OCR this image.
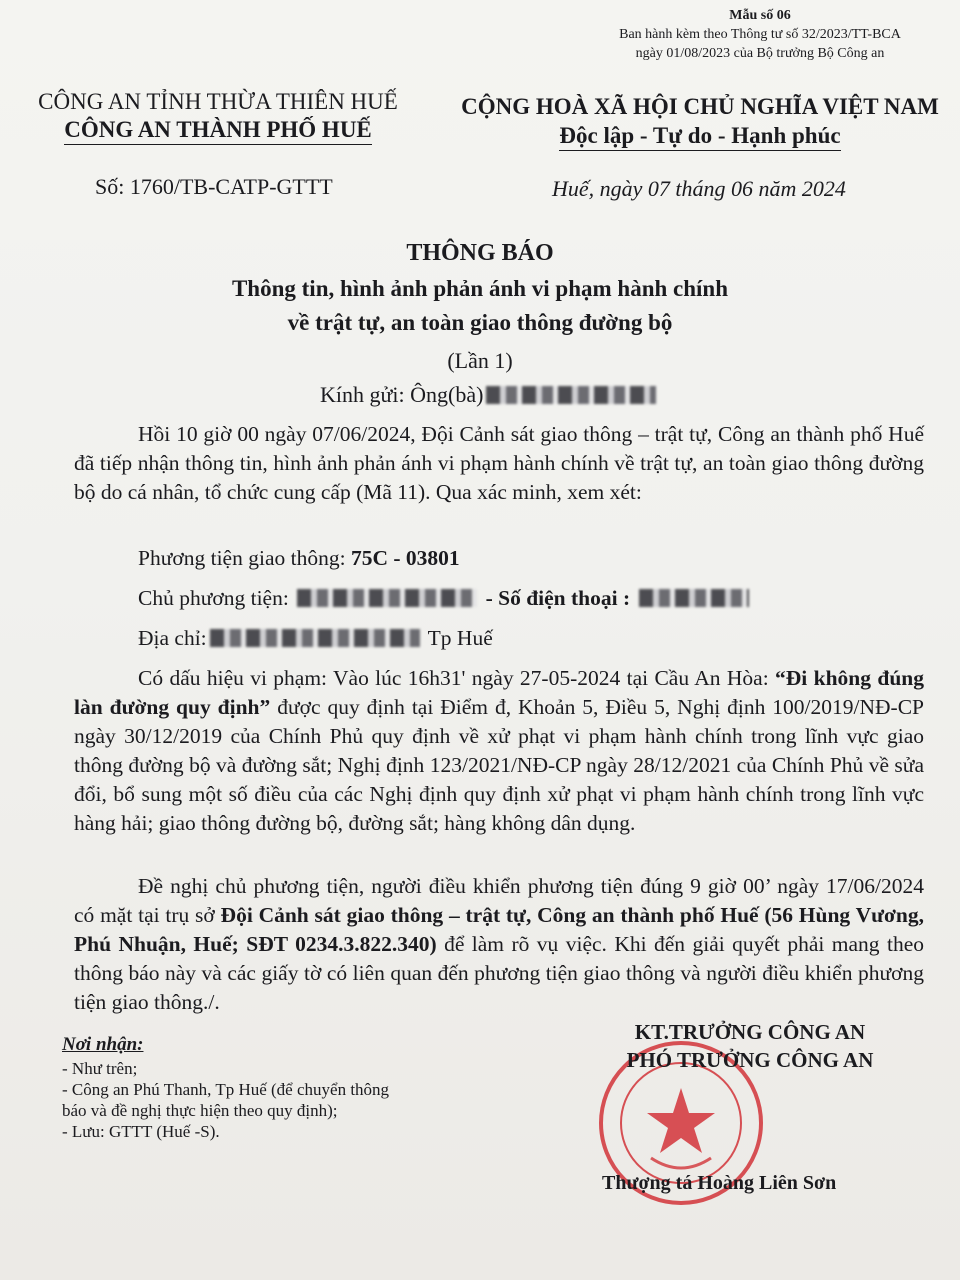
Mẫu số 06
Ban hành kèm theo Thông tư số 32/2023/TT-BCA
ngày 01/08/2023 của Bộ trưởng Bộ Công an
CÔNG AN TỈNH THỪA THIÊN HUẾ
CÔNG AN THÀNH PHỐ HUẾ
CỘNG HOÀ XÃ HỘI CHỦ NGHĨA VIỆT NAM
Độc lập - Tự do - Hạnh phúc
Số: 1760/TB-CATP-GTTT	Huế, ngày 07 tháng 06 năm 2024
THÔNG BÁO
Thông tin, hình ảnh phản ánh vi phạm hành chính
về trật tự, an toàn giao thông đường bộ
(Lần 1)
Kính gửi: Ông(bà)

Hồi 10 giờ 00 ngày 07/06/2024, Đội Cảnh sát giao thông – trật tự, Công an thành phố Huế đã tiếp nhận thông tin, hình ảnh phản ánh vi phạm hành chính về trật tự, an toàn giao thông đường bộ do cá nhân, tổ chức cung cấp (Mã 11). Qua xác minh, xem xét:

Phương tiện giao thông: 75C - 03801
Chủ phương tiện:	- Số điện thoại :
Địa chỉ:	Tp Huế

Có dấu hiệu vi phạm: Vào lúc 16h31' ngày 27-05-2024 tại Cầu An Hòa: “Đi không đúng làn đường quy định” được quy định tại Điểm đ, Khoản 5, Điều 5, Nghị định 100/2019/NĐ-CP ngày 30/12/2019 của Chính Phủ quy định về xử phạt vi phạm hành chính trong lĩnh vực giao thông đường bộ và đường sắt; Nghị định 123/2021/NĐ-CP ngày 28/12/2021 của Chính Phủ về sửa đổi, bổ sung một số điều của các Nghị định quy định xử phạt vi phạm hành chính trong lĩnh vực hàng hải; giao thông đường bộ, đường sắt; hàng không dân dụng.

Đề nghị chủ phương tiện, người điều khiển phương tiện đúng 9 giờ 00’ ngày 17/06/2024 có mặt tại trụ sở Đội Cảnh sát giao thông – trật tự, Công an thành phố Huế (56 Hùng Vương, Phú Nhuận, Huế; SĐT 0234.3.822.340) để làm rõ vụ việc. Khi đến giải quyết phải mang theo thông báo này và các giấy tờ có liên quan đến phương tiện giao thông và người điều khiển phương tiện giao thông./.

Nơi nhận:
- Như trên;
- Công an Phú Thanh, Tp Huế (để chuyển thông
báo và đề nghị thực hiện theo quy định);
- Lưu: GTTT (Huế -S).
KT.TRƯỞNG CÔNG AN
PHÓ TRƯỞNG CÔNG AN
Thượng tá Hoàng Liên Sơn
